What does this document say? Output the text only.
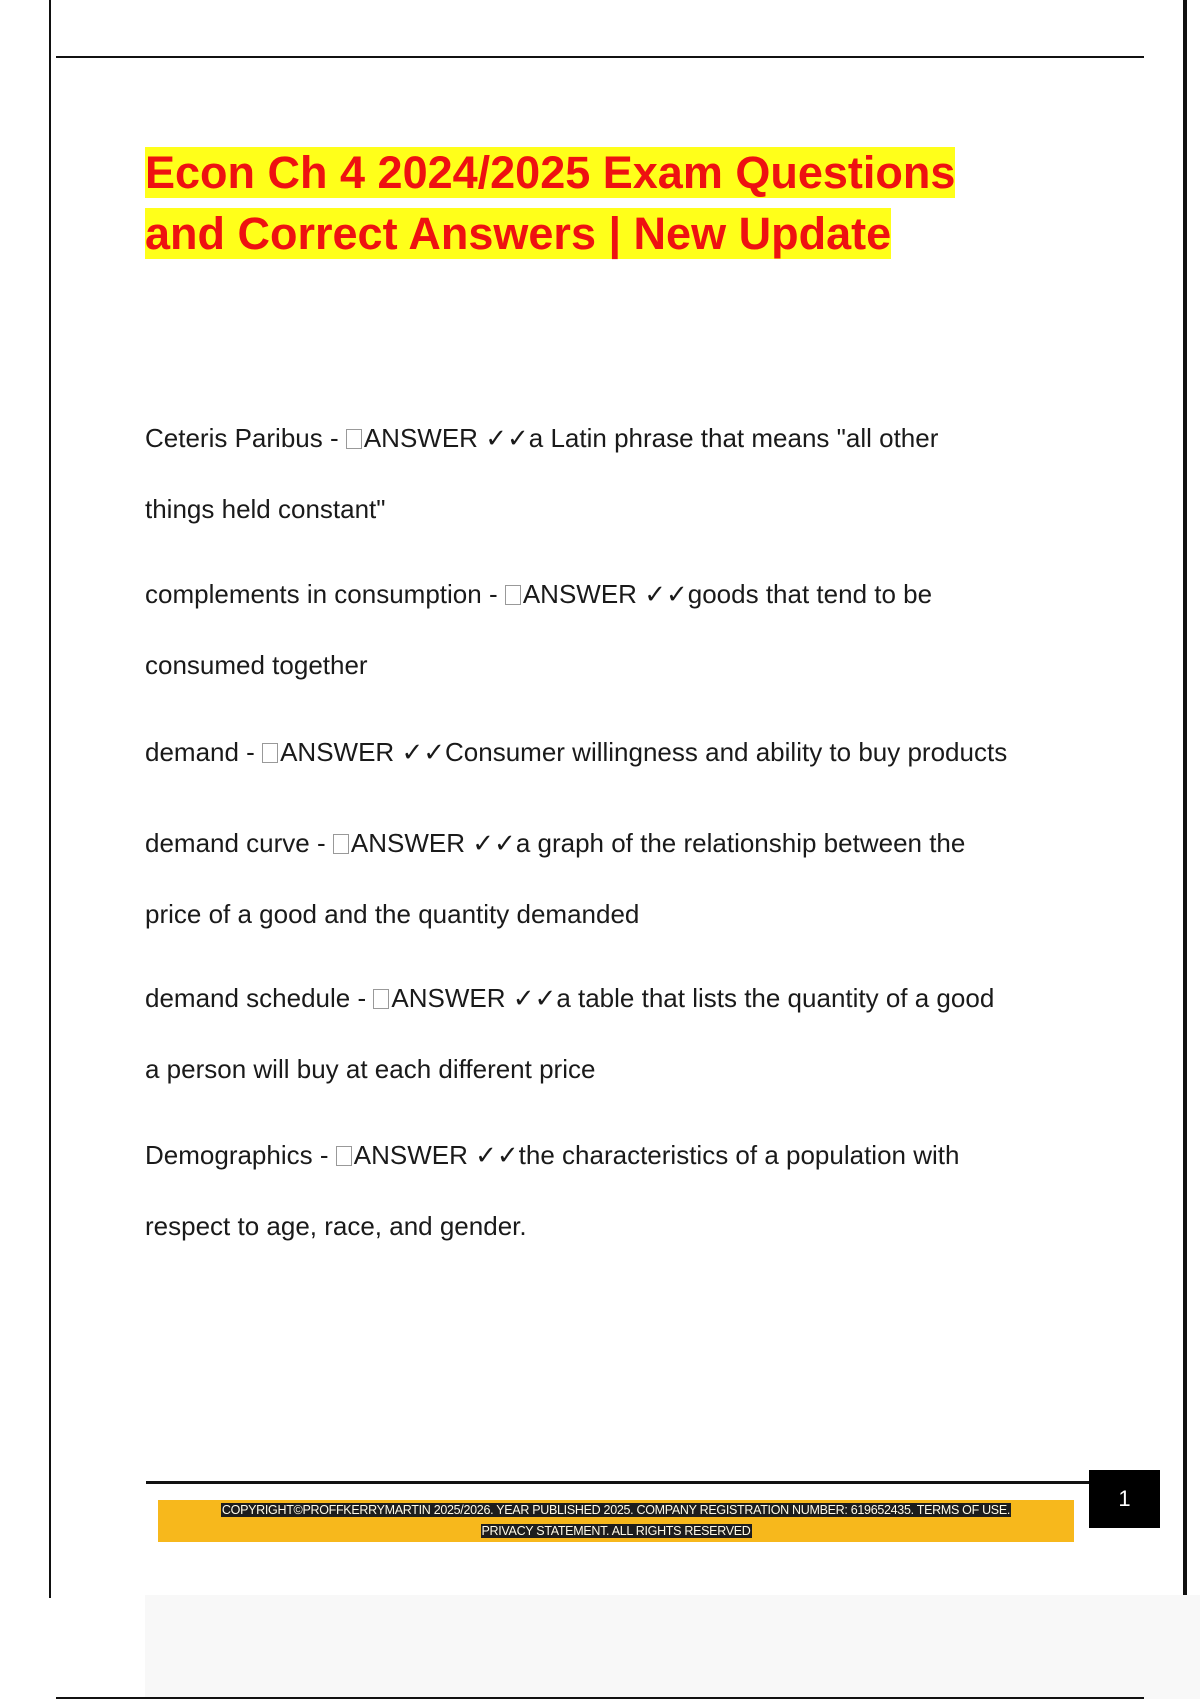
Econ Ch 4 2024/2025 Exam Questions
and Correct Answers | New Update

Ceteris Paribus - ANSWER ✓✓a Latin phrase that means "all other
things held constant"

complements in consumption - ANSWER ✓✓goods that tend to be
consumed together

demand - ANSWER ✓✓Consumer willingness and ability to buy products

demand curve - ANSWER ✓✓a graph of the relationship between the
price of a good and the quantity demanded

demand schedule - ANSWER ✓✓a table that lists the quantity of a good
a person will buy at each different price

Demographics - ANSWER ✓✓the characteristics of a population with
respect to age, race, and gender.

COPYRIGHT©PROFFKERRYMARTIN 2025/2026. YEAR PUBLISHED 2025. COMPANY REGISTRATION NUMBER: 619652435. TERMS OF USE.
PRIVACY STATEMENT. ALL RIGHTS RESERVED
1
